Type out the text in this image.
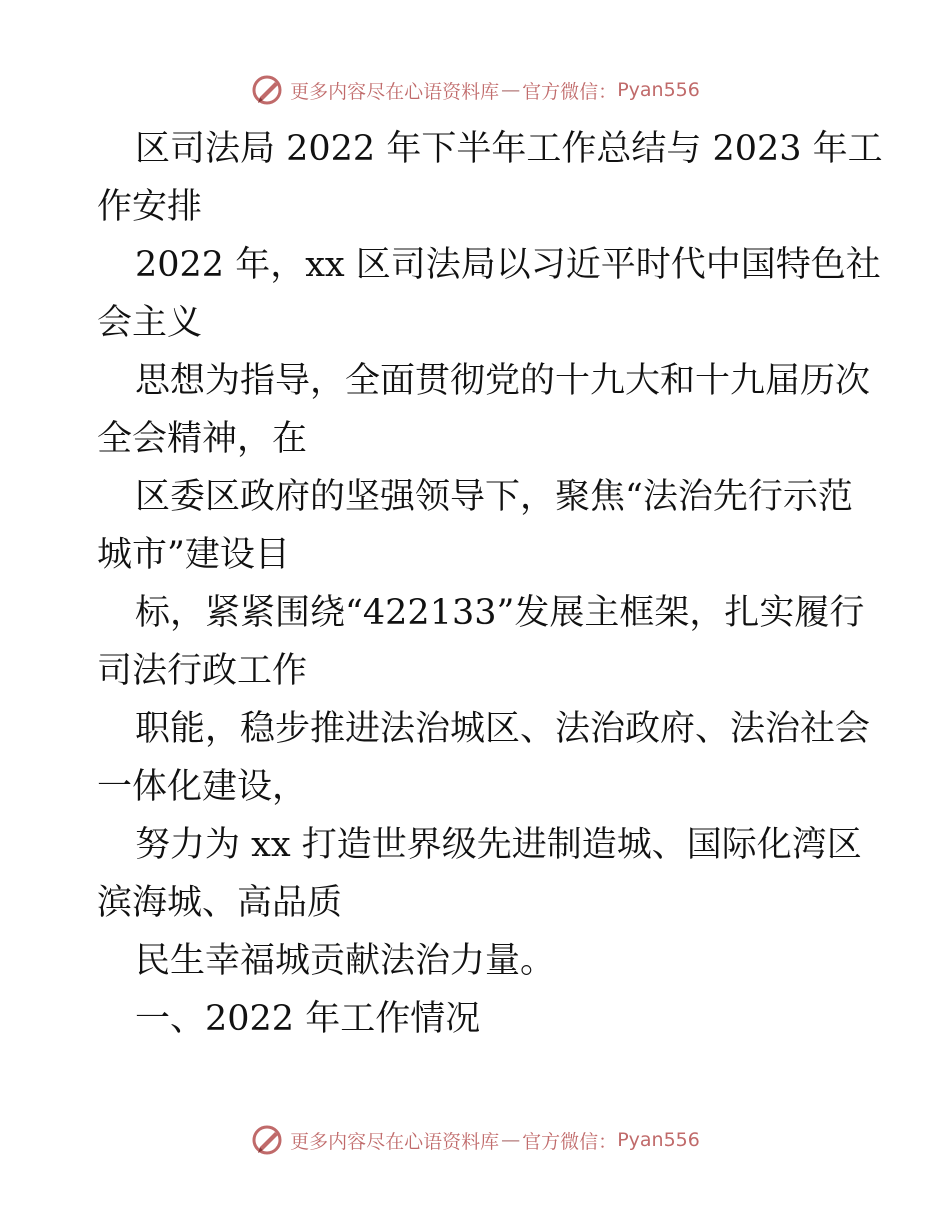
更多内容尽在心语资料库 — 官方微信： Pyan556

区司法局 2022 年下半年工作总结与 2023 年工
作安排

2022 年，xx 区司法局以习近平时代中国特色社
会主义

思想为指导，全面贯彻党的十九大和十九届历次
全会精神，在

区委区政府的坚强领导下，聚焦“法治先行示范
城市”建设目

标，紧紧围绕“422133”发展主框架，扎实履行
司法行政工作

职能，稳步推进法治城区、法治政府、法治社会
一体化建设，

努力为 xx 打造世界级先进制造城、国际化湾区
滨海城、高品质

民生幸福城贡献法治力量。

一、2022 年工作情况

更多内容尽在心语资料库 — 官方微信： Pyan556
